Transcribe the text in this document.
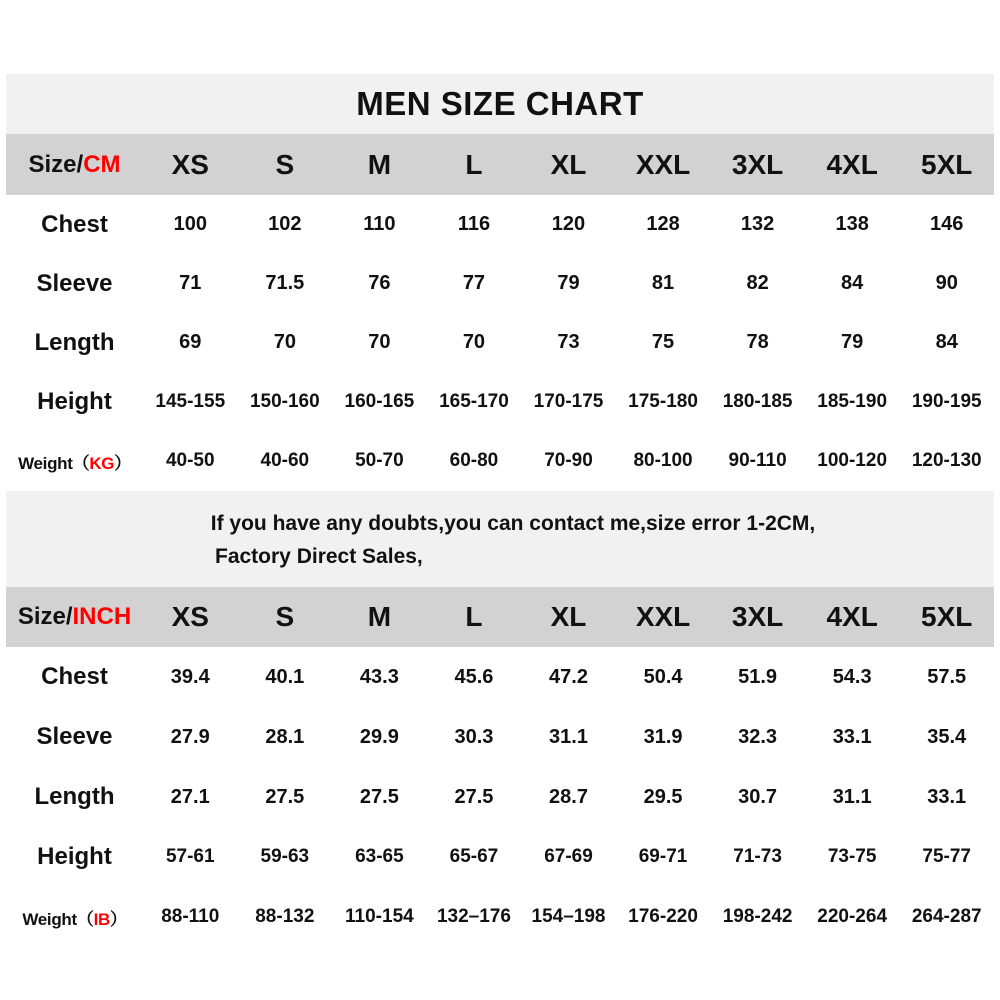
MEN SIZE CHART
Size/CM	XS	S	M	L	XL	XXL	3XL	4XL	5XL
Chest	100	102	110	116	120	128	132	138	146
Sleeve	71	71.5	76	77	79	81	82	84	90
Length	69	70	70	70	73	75	78	79	84
Height	145-155	150-160	160-165	165-170	170-175	175-180	180-185	185-190	190-195
Weight（KG）	40-50	40-60	50-70	60-80	70-90	80-100	90-110	100-120	120-130
If you have any doubts,you can contact me,size error 1-2CM,
Factory Direct Sales,
Size/INCH	XS	S	M	L	XL	XXL	3XL	4XL	5XL
Chest	39.4	40.1	43.3	45.6	47.2	50.4	51.9	54.3	57.5
Sleeve	27.9	28.1	29.9	30.3	31.1	31.9	32.3	33.1	35.4
Length	27.1	27.5	27.5	27.5	28.7	29.5	30.7	31.1	33.1
Height	57-61	59-63	63-65	65-67	67-69	69-71	71-73	73-75	75-77
Weight（IB）	88-110	88-132	110-154	132–176	154–198	176-220	198-242	220-264	264-287
